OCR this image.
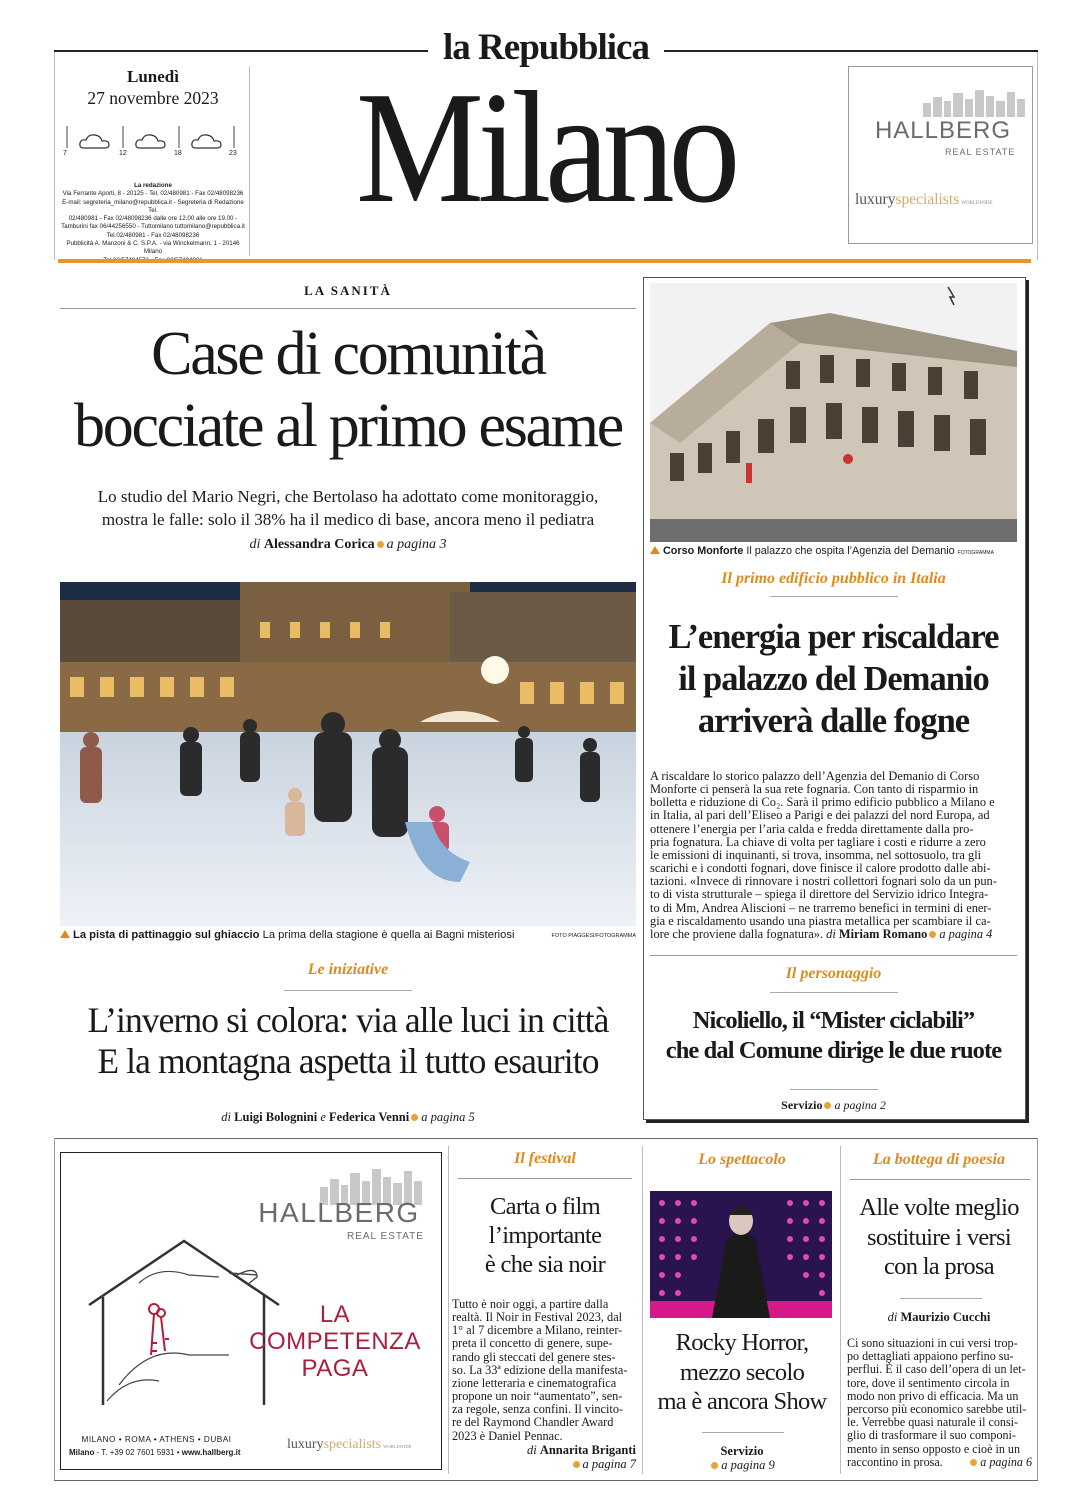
la Repubblica
Lunedì
27 novembre 2023
7	12	18	23
La redazione
Via Ferrante Aporti, 8 - 20125 - Tel. 02/480981 - Fax 02/48098236
E-mail: segreteria_milano@repubblica.it - Segreteria di Redazione Tel.
02/480981 - Fax 02/48098236 dalle ore 12.00 alle ore 19.00 -
Tamburini fax 06/44256550 - Tuttomilano tuttomilano@repubblica.it
Tel.02/480981 - Fax 02/48098236
Pubblicità A. Manzoni & C. S.P.A. - via Winckelmann, 1 - 20146 Milano
Milano	HALLBERG
REAL ESTATE
luxuryspecialists WORLDWIDE
LA SANITÀ
Case di comunità
bocciate al primo esame
Lo studio del Mario Negri, che Bertolaso ha adottato come monitoraggio,
mostra le falle: solo il 38% ha il medico di base, ancora meno il pediatra
di Alessandra Corica a pagina 3
La pista di pattinaggio sul ghiaccio La prima della stagione è quella ai Bagni misteriosi	FOTO PIAGGESI/FOTOGRAMMA
Le iniziative
L’inverno si colora: via alle luci in città
E la montagna aspetta il tutto esaurito
di Luigi Bolognini e Federica Venni a pagina 5
Corso Monforte Il palazzo che ospita l’Agenzia del Demanio FOTOGRAMMA
Il primo edificio pubblico in Italia
L’energia per riscaldare
il palazzo del Demanio
arriverà dalle fogne
A riscaldare lo storico palazzo dell’Agenzia del Demanio di Corso
Monforte ci penserà la sua rete fognaria. Con tanto di risparmio in
bolletta e riduzione di Co₂. Sarà il primo edificio pubblico a Milano e
in Italia, al pari dell’Eliseo a Parigi e dei palazzi del nord Europa, ad
ottenere l’energia per l’aria calda e fredda direttamente dalla pro-
pria fognatura. La chiave di volta per tagliare i costi e ridurre a zero
le emissioni di inquinanti, si trova, insomma, nel sottosuolo, tra gli
scarichi e i condotti fognari, dove finisce il calore prodotto dalle abi-
tazioni. «Invece di rinnovare i nostri collettori fognari solo da un pun-
to di vista strutturale – spiega il direttore del Servizio idrico Integra-
to di Mm, Andrea Aliscioni – ne trarremo benefici in termini di ener-
gia e riscaldamento usando una piastra metallica per scambiare il ca-
lore che proviene dalla fognatura». di Miriam Romano a pagina 4
Il personaggio
Nicoliello, il “Mister ciclabili”
che dal Comune dirige le due ruote
Servizio a pagina 2
HALLBERG
REAL ESTATE
LA
COMPETENZA
PAGA
MILANO • ROMA • ATHENS • DUBAI
Milano - T. +39 02 7601 5931 • www.hallberg.it
luxuryspecialists WORLDWIDE
Il festival
Carta o film
l’importante
è che sia noir
Tutto è noir oggi, a partire dalla
realtà. Il Noir in Festival 2023, dal
1° al 7 dicembre a Milano, reinter-
preta il concetto di genere, supe-
rando gli steccati del genere stes-
so. La 33ª edizione della manifesta-
zione letteraria e cinematografica
propone un noir “aumentato”, sen-
za regole, senza confini. Il vincito-
re del Raymond Chandler Award
2023 è Daniel Pennac.
di Annarita Briganti
a pagina 7
Lo spettacolo
Rocky Horror,
mezzo secolo
ma è ancora Show
Servizio
a pagina 9
La bottega di poesia
Alle volte meglio
sostituire i versi
con la prosa
di Maurizio Cucchi
Ci sono situazioni in cui versi trop-
po dettagliati appaiono perfino su-
perflui. È il caso dell’opera di un let-
tore, dove il sentimento circola in
modo non privo di efficacia. Ma un
percorso più economico sarebbe util-
le. Verrebbe quasi naturale il consi-
glio di trasformare il suo componi-
mento in senso opposto e cioè in un
raccontino in prosa.	a pagina 6
